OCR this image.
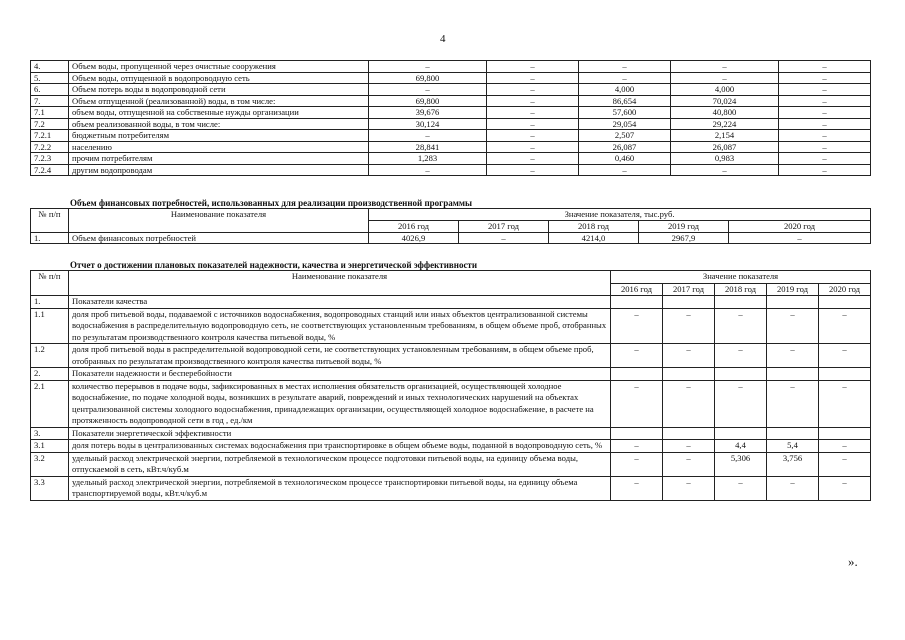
4
4.	Объем воды, пропущенной через очистные сооружения	–	–	–	–	–
5.	Объем воды, отпущенной в водопроводную сеть	69,800	–	–	–	–
6.	Объем потерь воды в водопроводной сети	–	–	4,000	4,000	–
7.	Объем отпущенной (реализованной) воды, в том числе:	69,800	–	86,654	70,024	–
7.1	объем воды, отпущенной на собственные нужды организации	39,676	–	57,600	40,800	–
7.2	объем реализованной воды, в том числе:	30,124	–	29,054	29,224	–
7.2.1	бюджетным потребителям	–	–	2,507	2,154	–
7.2.2	населению	28,841	–	26,087	26,087	–
7.2.3	прочим потребителям	1,283	–	0,460	0,983	–
7.2.4	другим водопроводам	–	–	–	–	–
Объем финансовых потребностей, использованных для реализации производственной программы
№ п/п	Наименование показателя	Значение показателя, тыс.руб.				
		2016 год	2017 год	2018 год	2019 год	2020 год
1.	Объем финансовых потребностей	4026,9	–	4214,0	2967,9	–
Отчет о достижении плановых показателей надежности, качества и энергетической эффективности
№ п/п	Наименование показателя	Значение показателя				
		2016 год	2017 год	2018 год	2019 год	2020 год
1.	Показатели качества					
1.1	доля проб питьевой воды, подаваемой с источников водоснабжения, водопроводных станций или иных объектов централизованной системы водоснабжения в распределительную водопроводную сеть, не соответствующих установленным требованиям, в общем объеме проб, отобранных по результатам производственного контроля качества питьевой воды, %	–	–	–	–	–
1.2	доля проб питьевой воды в распределительной водопроводной сети, не соответствующих установленным требованиям, в общем объеме проб, отобранных по результатам производственного контроля качества питьевой воды, %	–	–	–	–	–
2.	Показатели надежности и бесперебойности					
2.1	количество перерывов в подаче воды, зафиксированных в местах исполнения обязательств организацией, осуществляющей холодное водоснабжение, по подаче холодной воды, возникших в результате аварий, повреждений и иных технологических нарушений на объектах централизованной системы холодного водоснабжения, принадлежащих организации, осуществляющей холодное водоснабжение, в расчете на протяженность водопроводной сети в год , ед./км	–	–	–	–	–
3.	Показатели энергетической эффективности					
3.1	доля потерь воды в централизованных системах водоснабжения при транспортировке в общем объеме воды, поданной в водопроводную сеть, %	–	–	4,4	5,4	–
3.2	удельный расход электрической энергии, потребляемой в технологическом процессе подготовки питьевой воды, на единицу объема воды, отпускаемой в сеть, кВт.ч/куб.м	–	–	5,306	3,756	–
3.3	удельный расход электрической энергии, потребляемой в технологическом процессе транспортировки питьевой воды, на единицу объема транспортируемой воды, кВт.ч/куб.м	–	–	–	–	–
».
